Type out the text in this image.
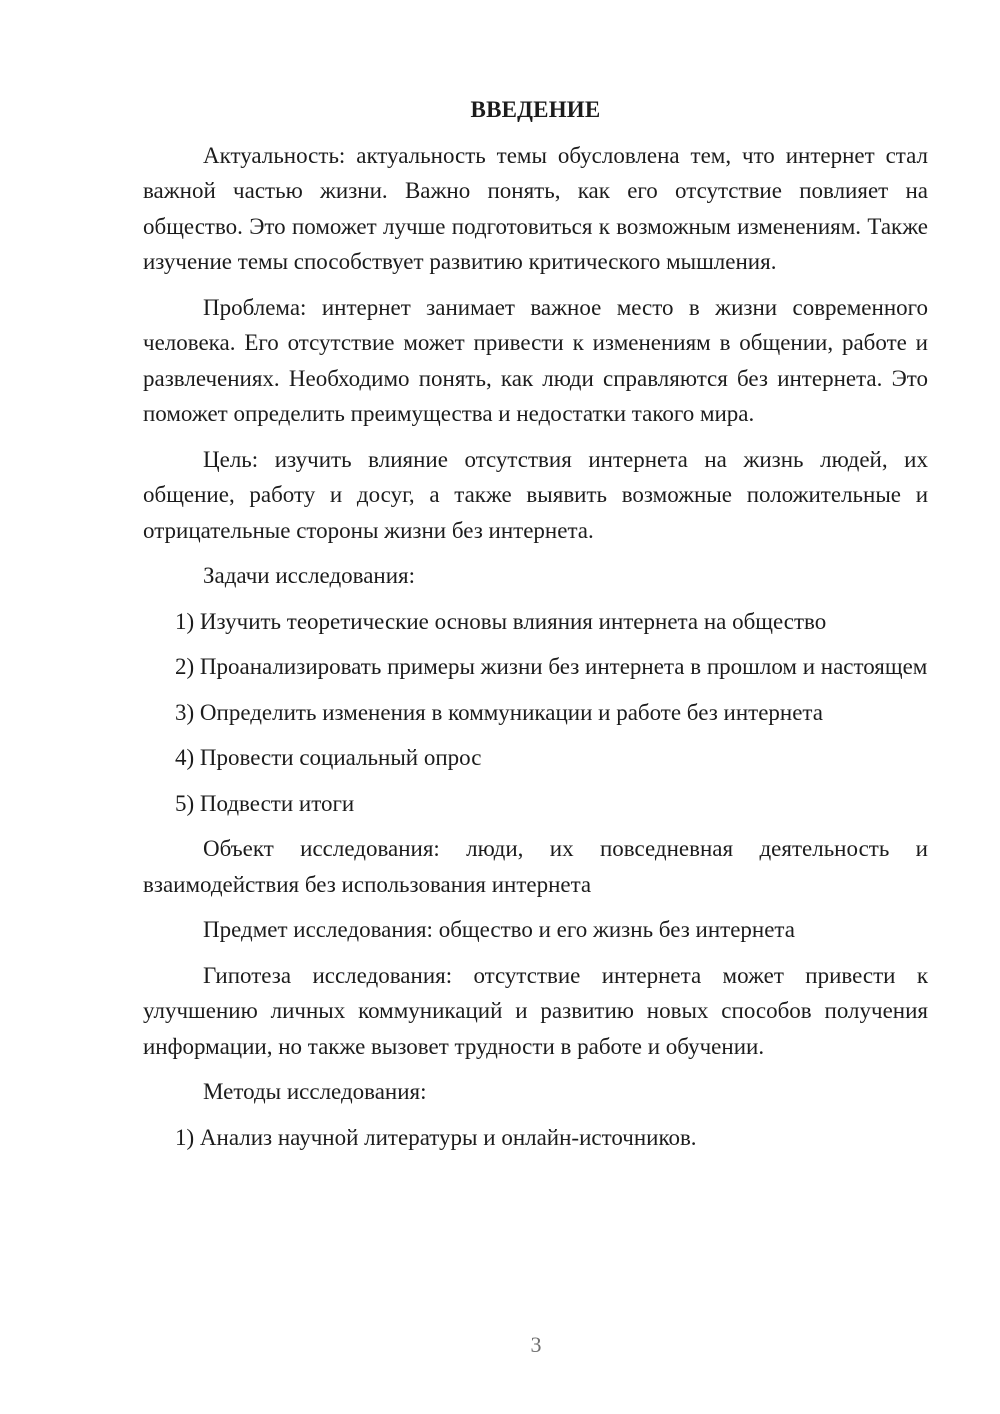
ВВЕДЕНИЕ

Актуальность: актуальность темы обусловлена тем, что интернет стал важной частью жизни. Важно понять, как его отсутствие повлияет на общество. Это поможет лучше подготовиться к возможным изменениям. Также изучение темы способствует развитию критического мышления.

Проблема: интернет занимает важное место в жизни современного человека. Его отсутствие может привести к изменениям в общении, работе и развлечениях. Необходимо понять, как люди справляются без интернета. Это поможет определить преимущества и недостатки такого мира.

Цель: изучить влияние отсутствия интернета на жизнь людей, их общение, работу и досуг, а также выявить возможные положительные и отрицательные стороны жизни без интернета.

Задачи исследования:

1) Изучить теоретические основы влияния интернета на общество

2) Проанализировать примеры жизни без интернета в прошлом и настоящем

3) Определить изменения в коммуникации и работе без интернета

4) Провести социальный опрос

5) Подвести итоги

Объект исследования: люди, их повседневная деятельность и взаимодействия без использования интернета

Предмет исследования: общество и его жизнь без интернета

Гипотеза исследования: отсутствие интернета может привести к улучшению личных коммуникаций и развитию новых способов получения информации, но также вызовет трудности в работе и обучении.

Методы исследования:

1) Анализ научной литературы и онлайн-источников.

3
